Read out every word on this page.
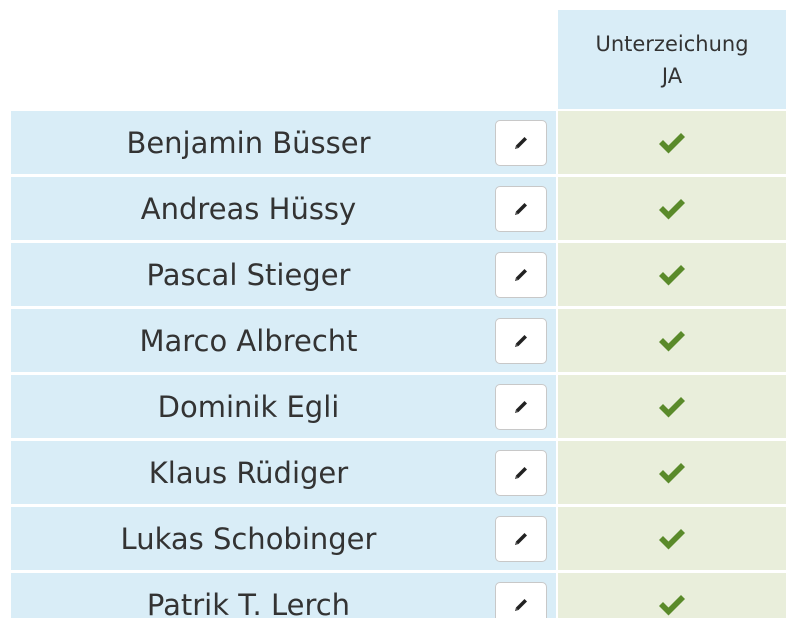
Unterzeichung
JA
Benjamin Büsser
Andreas Hüssy
Pascal Stieger
Marco Albrecht
Dominik Egli
Klaus Rüdiger
Lukas Schobinger
Patrik T. Lerch
